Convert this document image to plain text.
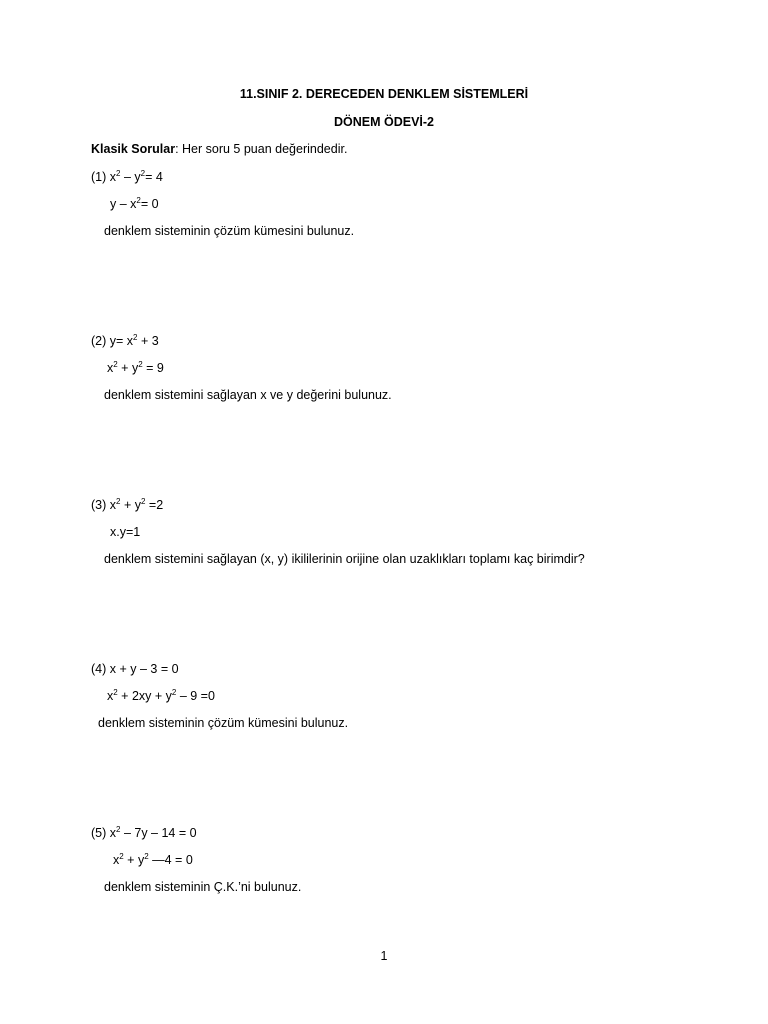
11.SINIF 2. DERECEDEN DENKLEM SİSTEMLERİ
DÖNEM ÖDEVİ-2
Klasik Sorular: Her soru 5 puan değerindedir.
(1) $x^2 - y^2= 4$
$y - x^2= 0$
denklem sisteminin çözüm kümesini bulunuz.
(2) $y= x^2 + 3$
$x^2 + y^2 = 9$
denklem sistemini sağlayan x ve y değerini bulunuz.
(3) $x^2 + y^2 =2$
x.y=1
denklem sistemini sağlayan (x, y) ikililerinin orijine olan uzaklıkları toplamı kaç birimdir?
(4) x + y – 3 = 0
$x^2 + 2xy + y^2 - 9 =0$
denklem sisteminin çözüm kümesini bulunuz.
(5) $x^2 - 7y - 14 = 0$
$x^2 + y^2$ —4 = 0
denklem sisteminin Ç.K.’ni bulunuz.
1
